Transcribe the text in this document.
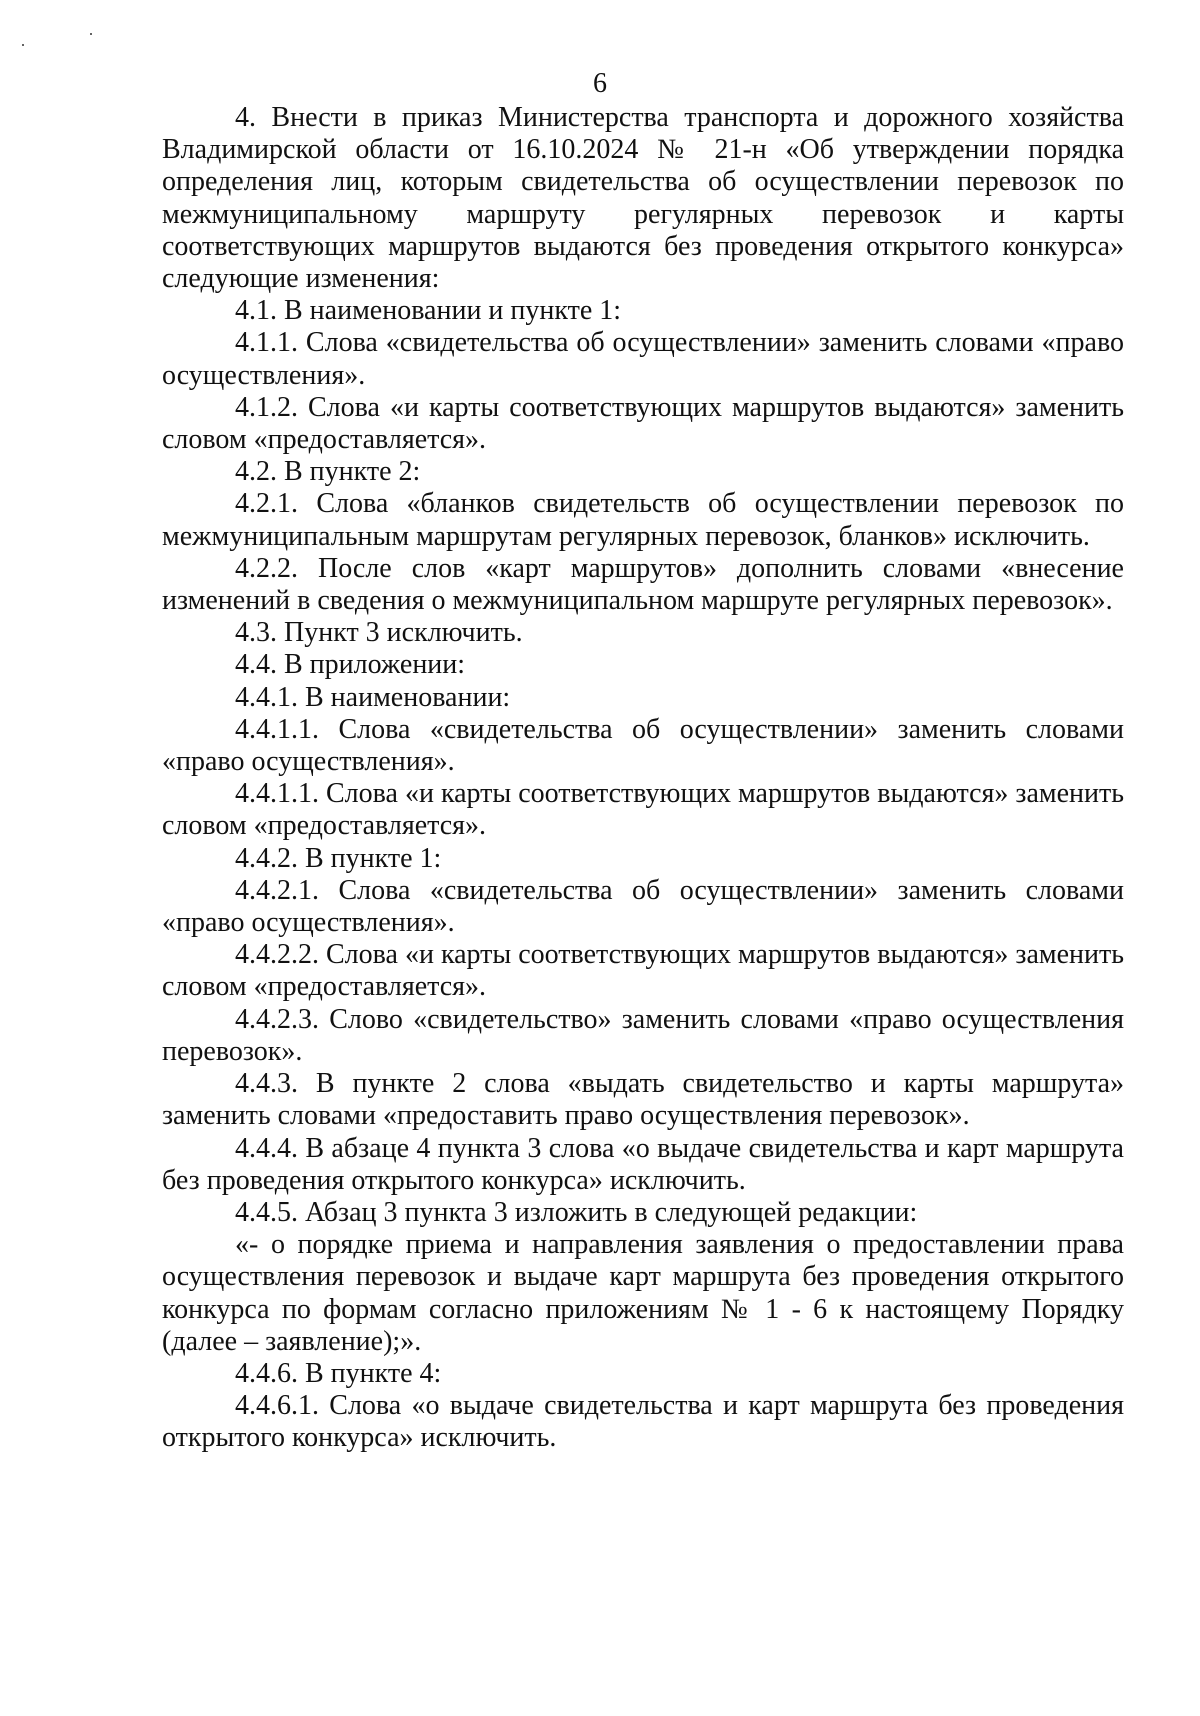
6

4. Внести в приказ Министерства транспорта и дорожного хозяйства Владимирской области от 16.10.2024 № 21-н «Об утверждении порядка определения лиц, которым свидетельства об осуществлении перевозок по межмуниципальному маршруту регулярных перевозок и карты соответствующих маршрутов выдаются без проведения открытого конкурса» следующие изменения:

4.1. В наименовании и пункте 1:

4.1.1. Слова «свидетельства об осуществлении» заменить словами «право осуществления».

4.1.2. Слова «и карты соответствующих маршрутов выдаются» заменить словом «предоставляется».

4.2. В пункте 2:

4.2.1. Слова «бланков свидетельств об осуществлении перевозок по межмуниципальным маршрутам регулярных перевозок, бланков» исключить.

4.2.2. После слов «карт маршрутов» дополнить словами «внесение изменений в сведения о межмуниципальном маршруте регулярных перевозок».

4.3. Пункт 3 исключить.

4.4. В приложении:

4.4.1. В наименовании:

4.4.1.1. Слова «свидетельства об осуществлении» заменить словами «право осуществления».

4.4.1.1. Слова «и карты соответствующих маршрутов выдаются» заменить словом «предоставляется».

4.4.2. В пункте 1:

4.4.2.1. Слова «свидетельства об осуществлении» заменить словами «право осуществления».

4.4.2.2. Слова «и карты соответствующих маршрутов выдаются» заменить словом «предоставляется».

4.4.2.3. Слово «свидетельство» заменить словами «право осуществления перевозок».

4.4.3. В пункте 2 слова «выдать свидетельство и карты маршрута» заменить словами «предоставить право осуществления перевозок».

4.4.4. В абзаце 4 пункта 3 слова «о выдаче свидетельства и карт маршрута без проведения открытого конкурса» исключить.

4.4.5. Абзац 3 пункта 3 изложить в следующей редакции:

«- о порядке приема и направления заявления о предоставлении права осуществления перевозок и выдаче карт маршрута без проведения открытого конкурса по формам согласно приложениям № 1 - 6 к настоящему Порядку (далее – заявление);».

4.4.6. В пункте 4:

4.4.6.1. Слова «о выдаче свидетельства и карт маршрута без проведения открытого конкурса» исключить.
